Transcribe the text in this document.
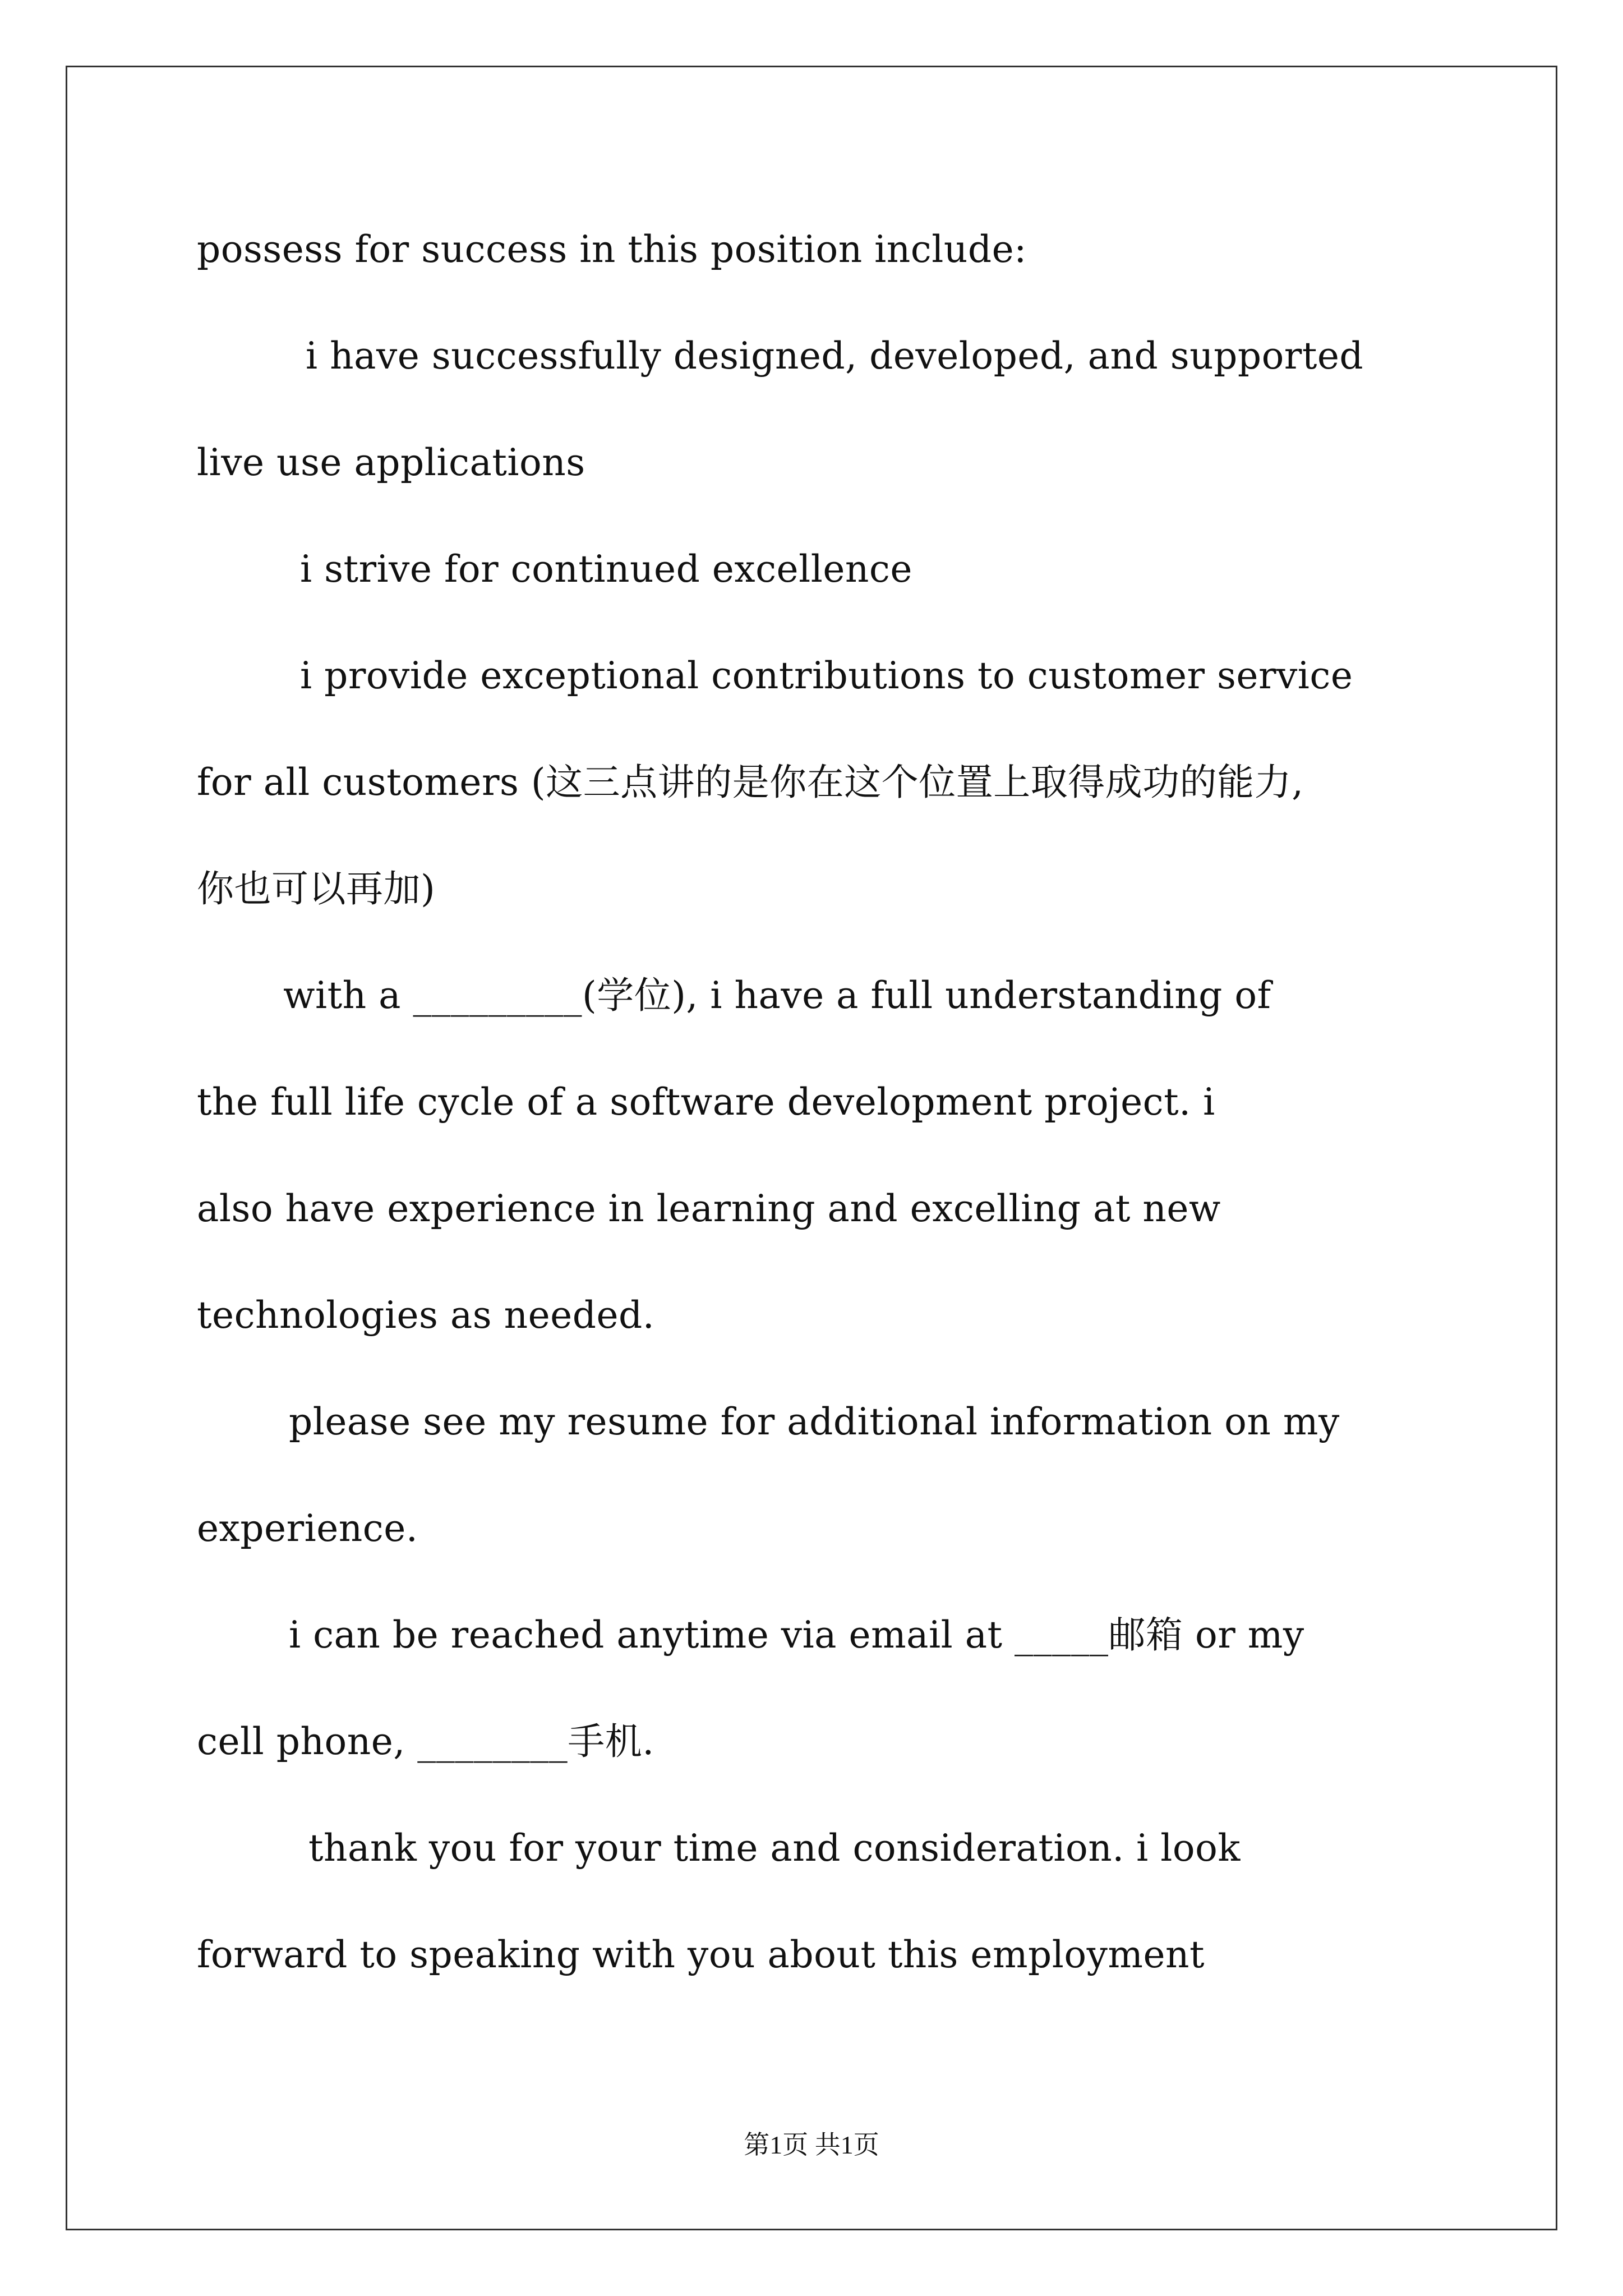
possess for success in this position include:
i have successfully designed, developed, and supported
live use applications
i strive for continued excellence
i provide exceptional contributions to customer service
for all customers (这三点讲的是你在这个位置上取得成功的能力,
你也可以再加)
with a _________(学位), i have a full understanding of
the full life cycle of a software development project. i
also have experience in learning and excelling at new
technologies as needed.
please see my resume for additional information on my
experience.
i can be reached anytime via email at _____邮箱 or my
cell phone, ________手机.
thank you for your time and consideration. i look
forward to speaking with you about this employment
第1页 共1页
